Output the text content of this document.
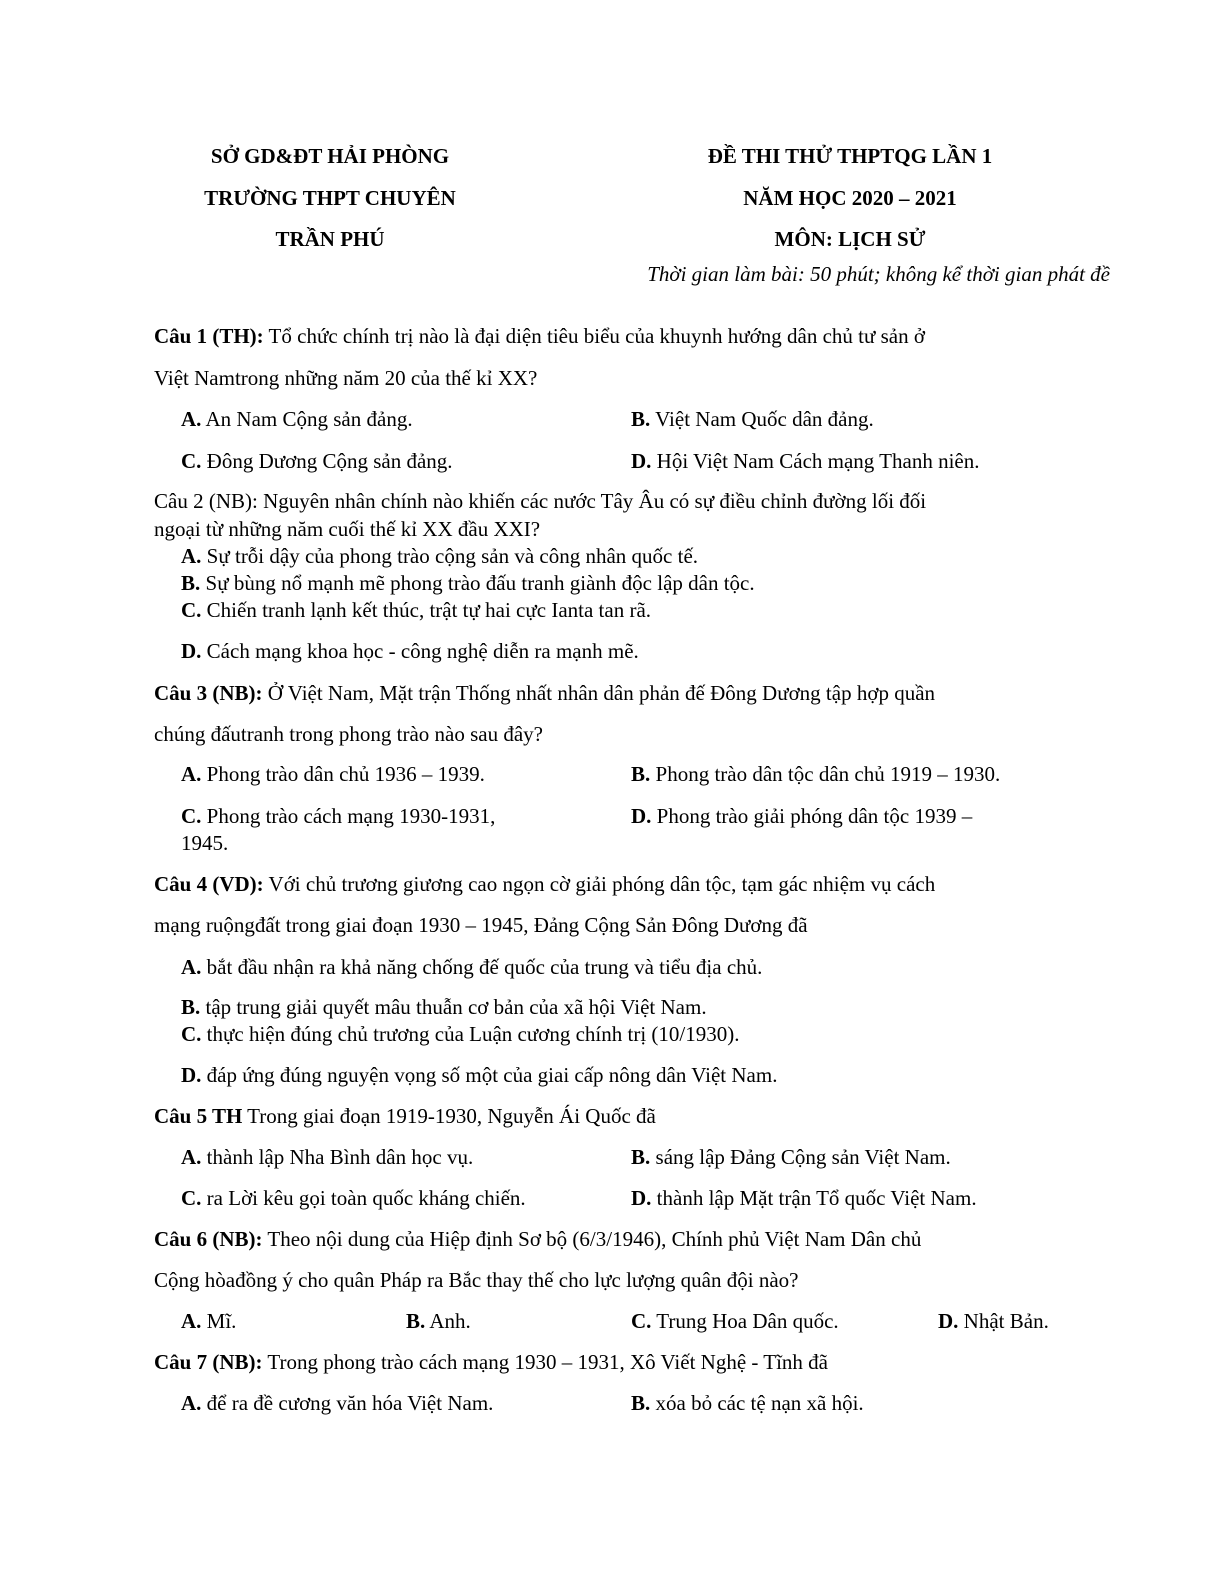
SỞ GD&ĐT HẢI PHÒNG
TRƯỜNG THPT CHUYÊN
TRẦN PHÚ
ĐỀ THI THỬ THPTQG LẦN 1
NĂM HỌC 2020 – 2021
MÔN: LỊCH SỬ
Thời gian làm bài: 50 phút; không kể thời gian phát đề
Câu 1 (TH): Tổ chức chính trị nào là đại diện tiêu biểu của khuynh hướng dân chủ tư sản ở
Việt Namtrong những năm 20 của thế kỉ XX?
A. An Nam Cộng sản đảng.	B. Việt Nam Quốc dân đảng.
C. Đông Dương Cộng sản đảng.	D. Hội Việt Nam Cách mạng Thanh niên.
Câu 2 (NB): Nguyên nhân chính nào khiến các nước Tây Âu có sự điều chỉnh đường lối đối
ngoại từ những năm cuối thế kỉ XX đầu XXI?
A. Sự trỗi dậy của phong trào cộng sản và công nhân quốc tế.
B. Sự bùng nổ mạnh mẽ phong trào đấu tranh giành độc lập dân tộc.
C. Chiến tranh lạnh kết thúc, trật tự hai cực Ianta tan rã.
D. Cách mạng khoa học - công nghệ diễn ra mạnh mẽ.
Câu 3 (NB): Ở Việt Nam, Mặt trận Thống nhất nhân dân phản đế Đông Dương tập hợp quần
chúng đấutranh trong phong trào nào sau đây?
A. Phong trào dân chủ 1936 – 1939.	B. Phong trào dân tộc dân chủ 1919 – 1930.
C. Phong trào cách mạng 1930-1931,	D. Phong trào giải phóng dân tộc 1939 –
1945.
Câu 4 (VD): Với chủ trương giương cao ngọn cờ giải phóng dân tộc, tạm gác nhiệm vụ cách
mạng ruộngđất trong giai đoạn 1930 – 1945, Đảng Cộng Sản Đông Dương đã
A. bắt đầu nhận ra khả năng chống đế quốc của trung và tiểu địa chủ.
B. tập trung giải quyết mâu thuẫn cơ bản của xã hội Việt Nam.
C. thực hiện đúng chủ trương của Luận cương chính trị (10/1930).
D. đáp ứng đúng nguyện vọng số một của giai cấp nông dân Việt Nam.
Câu 5 TH Trong giai đoạn 1919-1930, Nguyễn Ái Quốc đã
A. thành lập Nha Bình dân học vụ.	B. sáng lập Đảng Cộng sản Việt Nam.
C. ra Lời kêu gọi toàn quốc kháng chiến.	D. thành lập Mặt trận Tổ quốc Việt Nam.
Câu 6 (NB): Theo nội dung của Hiệp định Sơ bộ (6/3/1946), Chính phủ Việt Nam Dân chủ
Cộng hòađồng ý cho quân Pháp ra Bắc thay thế cho lực lượng quân đội nào?
A. Mĩ.	B. Anh.	C. Trung Hoa Dân quốc.	D. Nhật Bản.
Câu 7 (NB): Trong phong trào cách mạng 1930 – 1931, Xô Viết Nghệ - Tĩnh đã
A. để ra đề cương văn hóa Việt Nam.	B. xóa bỏ các tệ nạn xã hội.
